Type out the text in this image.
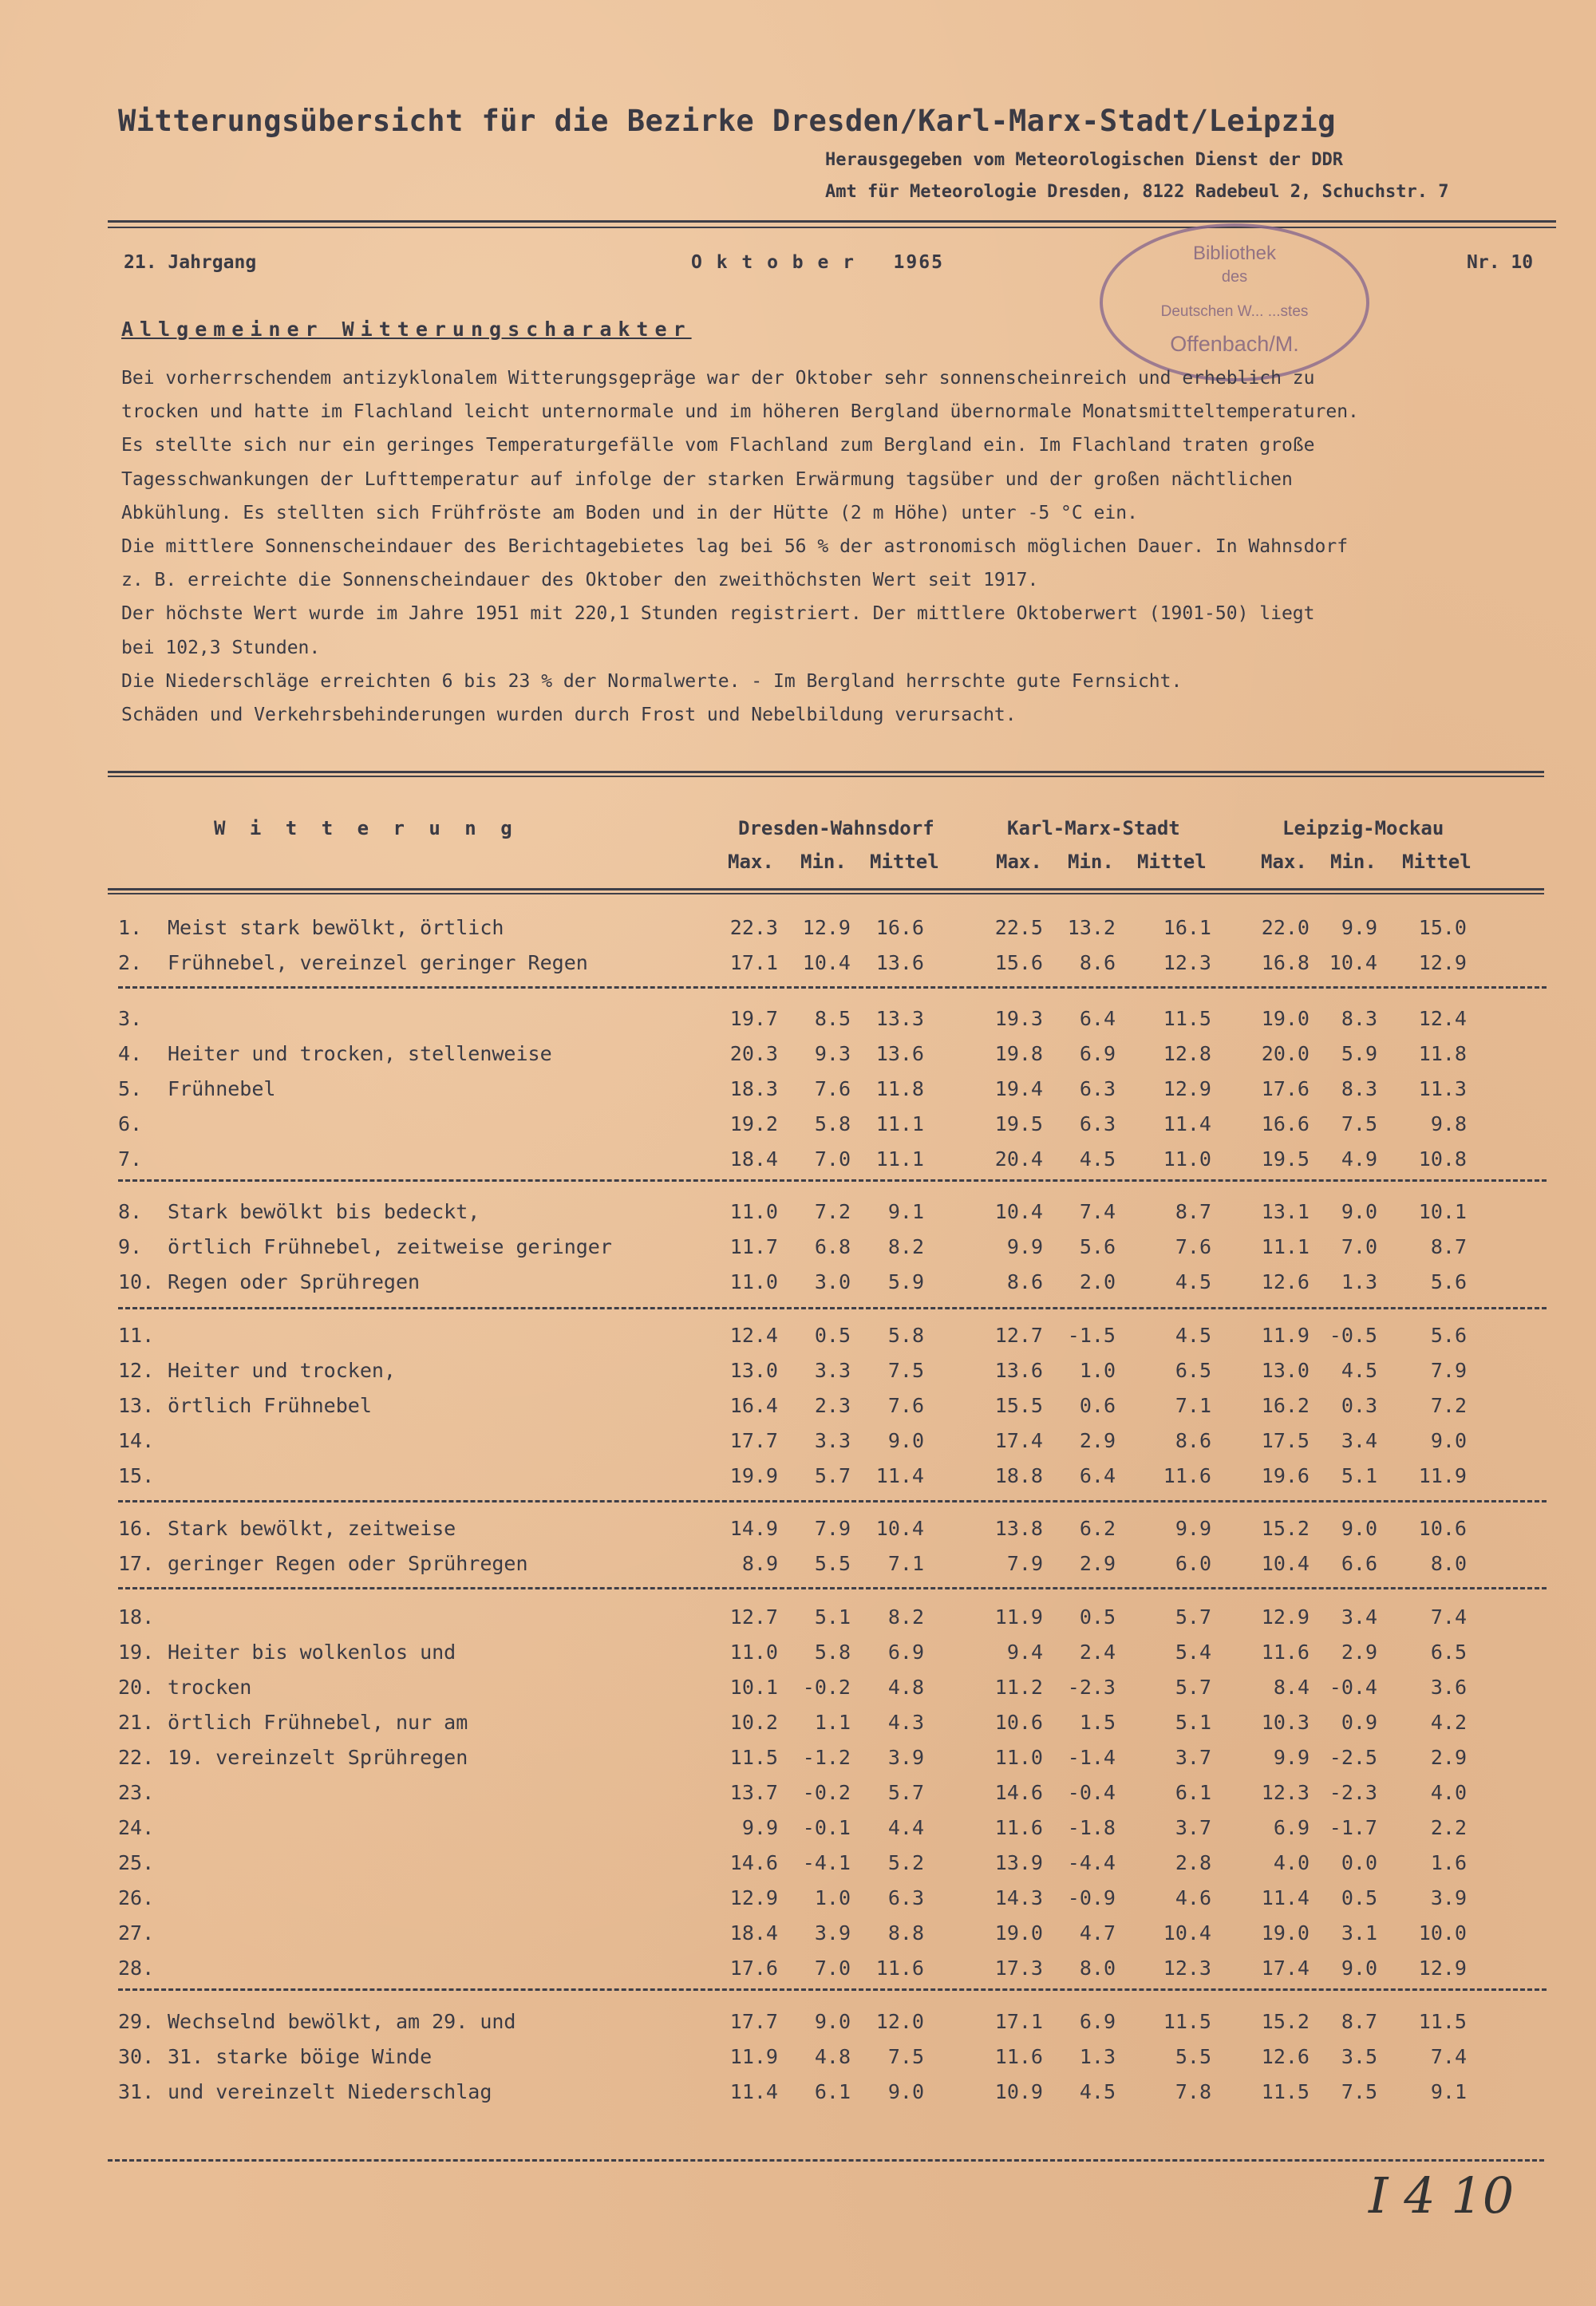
Witterungsübersicht für die Bezirke Dresden/Karl-Marx-Stadt/Leipzig
Herausgegeben vom Meteorologischen Dienst der DDR
Amt für Meteorologie Dresden, 8122 Radebeul 2, Schuchstr. 7
21. Jahrgang	O k t o b e r   1965	Nr. 10
Bibliothek
des
Deutschen W... ...stes
Offenbach/M.
Allgemeiner Witterungscharakter
Bei vorherrschendem antizyklonalem Witterungsgepräge war der Oktober sehr sonnenscheinreich und erheblich zu
trocken und hatte im Flachland leicht unternormale und im höheren Bergland übernormale Monatsmitteltemperaturen.
Es stellte sich nur ein geringes Temperaturgefälle vom Flachland zum Bergland ein. Im Flachland traten große
Tagesschwankungen der Lufttemperatur auf infolge der starken Erwärmung tagsüber und der großen nächtlichen
Abkühlung. Es stellten sich Frühfröste am Boden und in der Hütte (2 m Höhe) unter -5 °C ein.
Die mittlere Sonnenscheindauer des Berichtagebietes lag bei 56 % der astronomisch möglichen Dauer. In Wahnsdorf
z. B. erreichte die Sonnenscheindauer des Oktober den zweithöchsten Wert seit 1917.
Der höchste Wert wurde im Jahre 1951 mit 220,1 Stunden registriert. Der mittlere Oktoberwert (1901-50) liegt
bei 102,3 Stunden.
Die Niederschläge erreichten 6 bis 23 % der Normalwerte. - Im Bergland herrschte gute Fernsicht.
Schäden und Verkehrsbehinderungen wurden durch Frost und Nebelbildung verursacht.
W i t t e r u n g	Dresden-Wahnsdorf	Karl-Marx-Stadt	Leipzig-Mockau
Max. Min. Mittel	Max. Min. Mittel	Max. Min. Mittel
1. Meist stark bewölkt, örtlich	22.3	12.9	16.6	22.5	13.2	16.1	22.0	9.9	15.0
2. Frühnebel, vereinzel geringer Regen	17.1	10.4	13.6	15.6	8.6	12.3	16.8 10.4	12.9
3.	19.7	8.5	13.3	19.3	6.4	11.5	19.0	8.3	12.4
4. Heiter und trocken, stellenweise	20.3	9.3	13.6	19.8	6.9	12.8	20.0	5.9	11.8
5. Frühnebel	18.3	7.6	11.8	19.4	6.3	12.9	17.6	8.3	11.3
6.	19.2	5.8	11.1	19.5	6.3	11.4	16.6	7.5	9.8
7.	18.4	7.0	11.1	20.4	4.5	11.0	19.5	4.9	10.8
8. Stark bewölkt bis bedeckt,	11.0	7.2	9.1	10.4	7.4	8.7	13.1	9.0	10.1
9. örtlich Frühnebel, zeitweise geringer	11.7	6.8	8.2	9.9	5.6	7.6	11.1	7.0	8.7
10. Regen oder Sprühregen	11.0	3.0	5.9	8.6	2.0	4.5	12.6	1.3	5.6
11.	12.4	0.5	5.8	12.7	-1.5	4.5	11.9 -0.5	5.6
12. Heiter und trocken,	13.0	3.3	7.5	13.6	1.0	6.5	13.0	4.5	7.9
13. örtlich Frühnebel	16.4	2.3	7.6	15.5	0.6	7.1	16.2	0.3	7.2
14.	17.7	3.3	9.0	17.4	2.9	8.6	17.5	3.4	9.0
15.	19.9	5.7	11.4	18.8	6.4	11.6	19.6	5.1	11.9
16. Stark bewölkt, zeitweise	14.9	7.9	10.4	13.8	6.2	9.9	15.2	9.0	10.6
17. geringer Regen oder Sprühregen	8.9	5.5	7.1	7.9	2.9	6.0	10.4	6.6	8.0
18.	12.7	5.1	8.2	11.9	0.5	5.7	12.9	3.4	7.4
19. Heiter bis wolkenlos und	11.0	5.8	6.9	9.4	2.4	5.4	11.6	2.9	6.5
20. trocken	10.1	-0.2	4.8	11.2	-2.3	5.7	8.4 -0.4	3.6
21. örtlich Frühnebel, nur am	10.2	1.1	4.3	10.6	1.5	5.1	10.3	0.9	4.2
22. 19. vereinzelt Sprühregen	11.5	-1.2	3.9	11.0	-1.4	3.7	9.9 -2.5	2.9
23.	13.7	-0.2	5.7	14.6	-0.4	6.1	12.3 -2.3	4.0
24.	9.9	-0.1	4.4	11.6	-1.8	3.7	6.9 -1.7	2.2
25.	14.6	-4.1	5.2	13.9	-4.4	2.8	4.0	0.0	1.6
26.	12.9	1.0	6.3	14.3	-0.9	4.6	11.4	0.5	3.9
27.	18.4	3.9	8.8	19.0	4.7	10.4	19.0	3.1	10.0
28.	17.6	7.0	11.6	17.3	8.0	12.3	17.4	9.0	12.9
29. Wechselnd bewölkt, am 29. und	17.7	9.0	12.0	17.1	6.9	11.5	15.2	8.7	11.5
30. 31. starke böige Winde	11.9	4.8	7.5	11.6	1.3	5.5	12.6	3.5	7.4
31. und vereinzelt Niederschlag	11.4	6.1	9.0	10.9	4.5	7.8	11.5	7.5	9.1
I 4 10
